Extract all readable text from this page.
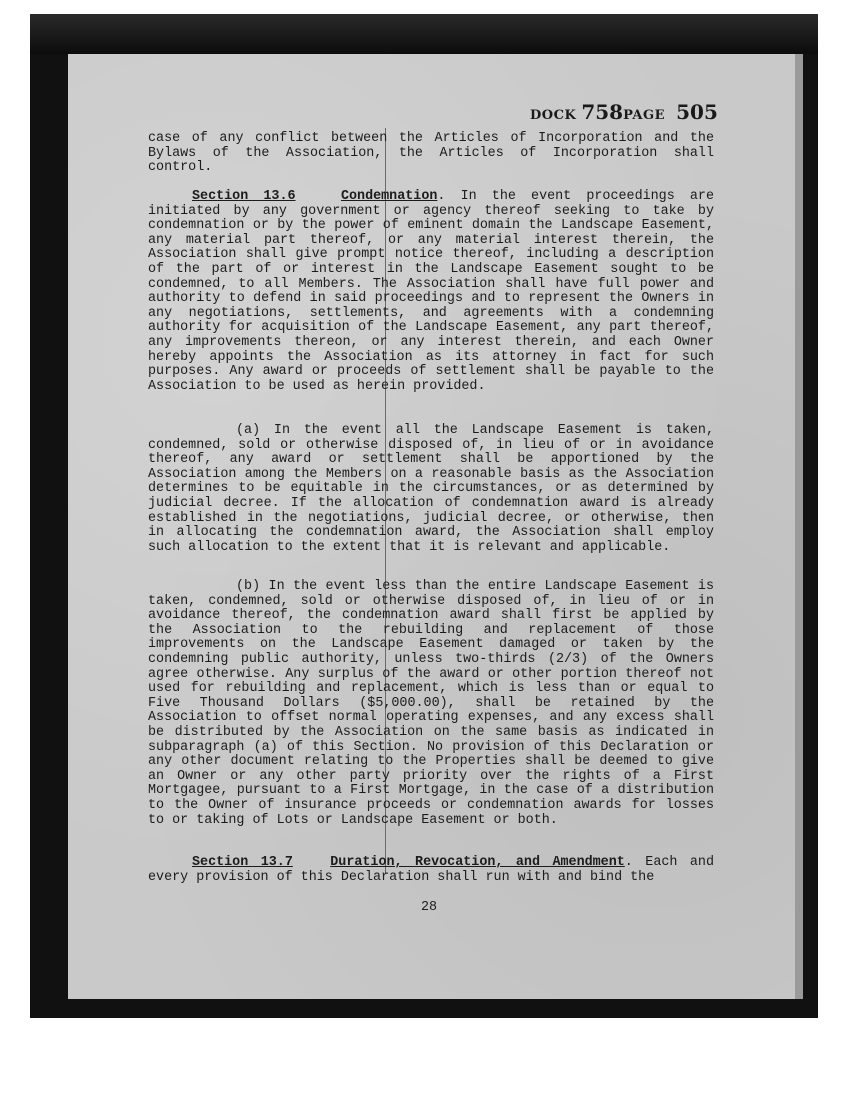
DOCK 758PAGE 505

case of any conflict between the Articles of Incorporation and the Bylaws of the Association, the Articles of Incorporation shall control.

Section 13.6	Condemnation. In the event proceedings are initiated by any government or agency thereof seeking to take by condemnation or by the power of eminent domain the Landscape Easement, any material part thereof, or any material interest therein, the Association shall give prompt notice thereof, including a description of the part of or interest in the Landscape Easement sought to be condemned, to all Members. The Association shall have full power and authority to defend in said proceedings and to represent the Owners in any negotiations, settlements, and agreements with a condemning authority for acquisition of the Landscape Easement, any part thereof, any improvements thereon, or any interest therein, and each Owner hereby appoints the Association as its attorney in fact for such purposes. Any award or proceeds of settlement shall be payable to the Association to be used as herein provided.

(a) In the event all the Landscape Easement is taken, condemned, sold or otherwise disposed of, in lieu of or in avoidance thereof, any award or settlement shall be apportioned by the Association among the Members on a reasonable basis as the Association determines to be equitable in the circumstances, or as determined by judicial decree. If the allocation of condemnation award is already established in the negotiations, judicial decree, or otherwise, then in allocating the condemnation award, the Association shall employ such allocation to the extent that it is relevant and applicable.

(b) In the event less than the entire Landscape Easement is taken, condemned, sold or otherwise disposed of, in lieu of or in avoidance thereof, the condemnation award shall first be applied by the Association to the rebuilding and replacement of those improvements on the Landscape Easement damaged or taken by the condemning public authority, unless two-thirds (2/3) of the Owners agree otherwise. Any surplus of the award or other portion thereof not used for rebuilding and replacement, which is less than or equal to Five Thousand Dollars ($5,000.00), shall be retained by the Association to offset normal operating expenses, and any excess shall be distributed by the Association on the same basis as indicated in subparagraph (a) of this Section. No provision of this Declaration or any other document relating to the Properties shall be deemed to give an Owner or any other party priority over the rights of a First Mortgagee, pursuant to a First Mortgage, in the case of a distribution to the Owner of insurance proceeds or condemnation awards for losses to or taking of Lots or Landscape Easement or both.

Section 13.7	Duration, Revocation, and Amendment. Each and every provision of this Declaration shall run with and bind the

28
